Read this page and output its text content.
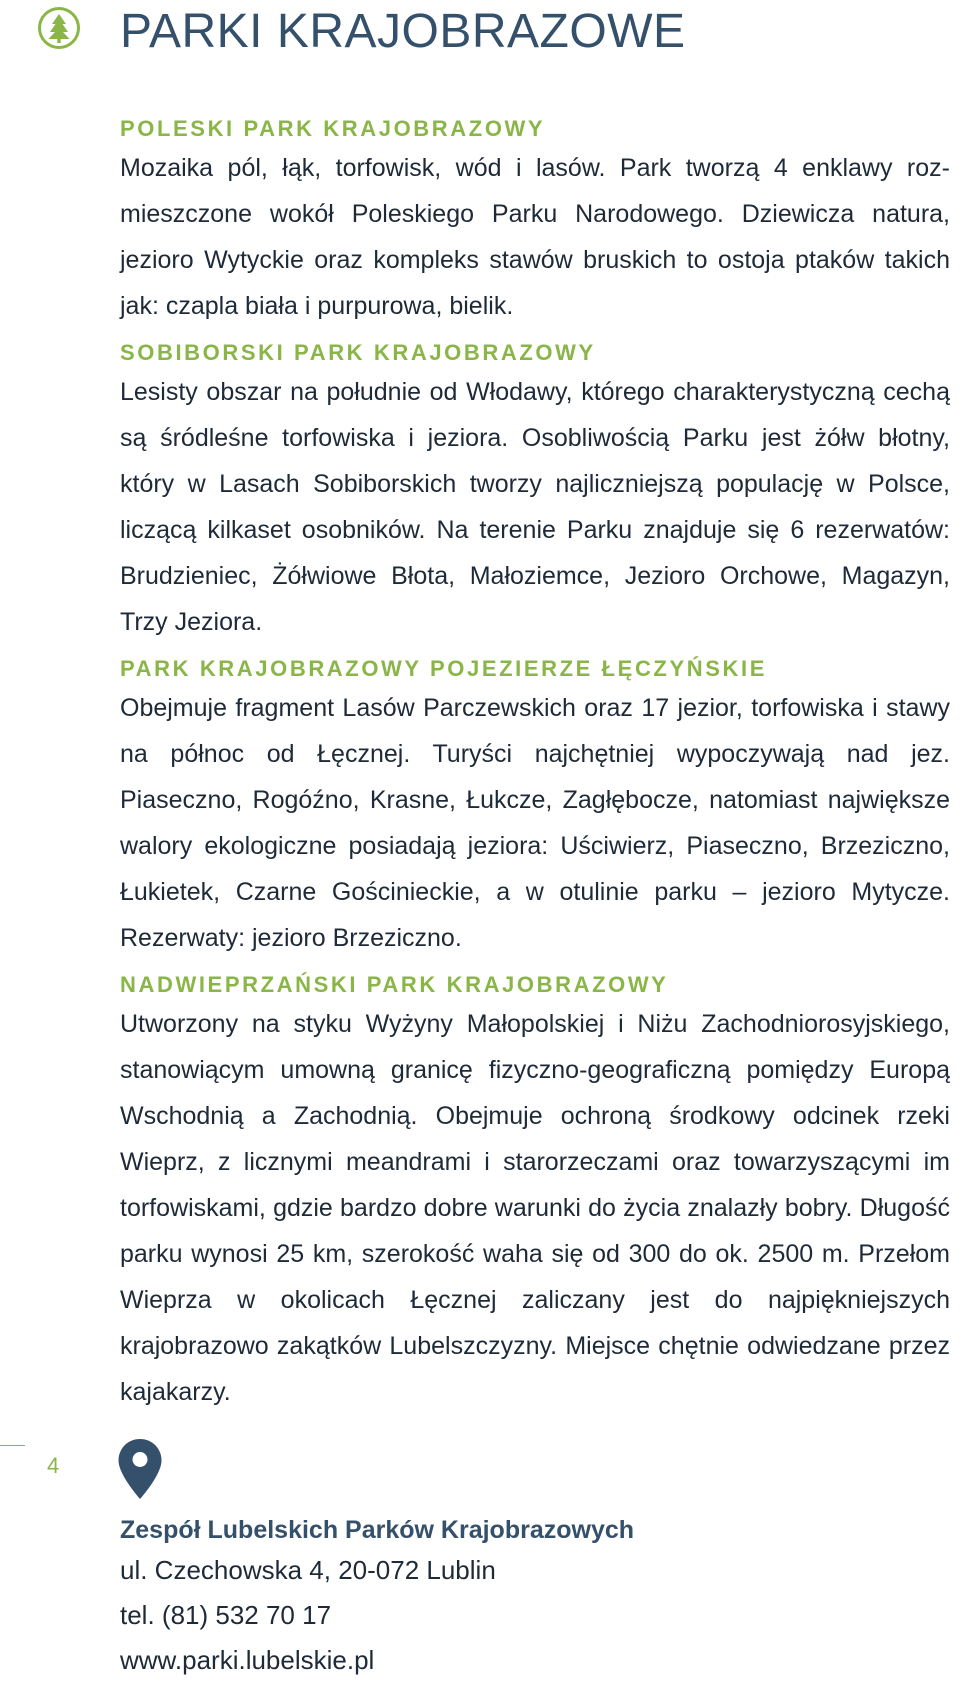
PARKI KRAJOBRAZOWE
POLESKI PARK KRAJOBRAZOWY

Mozaika pól, łąk, torfowisk, wód i lasów. Park tworzą 4 enklawy rozmieszczone wokół Poleskiego Parku Narodowego. Dziewicza natura, jezioro Wytyckie oraz kompleks stawów bruskich to ostoja ptaków takich jak: czapla biała i purpurowa, bielik.

SOBIBORSKI PARK KRAJOBRAZOWY

Lesisty obszar na południe od Włodawy, którego charakterystyczną cechą są śródleśne torfowiska i jeziora. Osobliwością Parku jest żółw błotny, który w Lasach Sobiborskich tworzy najliczniejszą populację w Polsce, liczącą kilkaset osobników. Na terenie Parku znajduje się 6 rezerwatów: Brudzieniec, Żółwiowe Błota, Małoziemce, Jezioro Orchowe, Magazyn, Trzy Jeziora.

PARK KRAJOBRAZOWY POJEZIERZE ŁĘCZYŃSKIE

Obejmuje fragment Lasów Parczewskich oraz 17 jezior, torfowiska i stawy na północ od Łęcznej. Turyści najchętniej wypoczywają nad jez. Piaseczno, Rogóźno, Krasne, Łukcze, Zagłębocze, natomiast największe walory ekologiczne posiadają jeziora: Uściwierz, Piaseczno, Brzeziczno, Łukietek, Czarne Gościnieckie, a w otulinie parku – jezioro Mytycze. Rezerwaty: jezioro Brzeziczno.

NADWIEPRZAŃSKI PARK KRAJOBRAZOWY

Utworzony na styku Wyżyny Małopolskiej i Niżu Zachodniorosyjskiego, stanowiącym umowną granicę fizyczno-geograficzną pomiędzy Europą Wschodnią a Zachodnią. Obejmuje ochroną środkowy odcinek rzeki Wieprz, z licznymi meandrami i starorzeczami oraz towarzyszącymi im torfowiskami, gdzie bardzo dobre warunki do życia znalazły bobry. Długość parku wynosi 25 km, szerokość waha się od 300 do ok. 2500 m. Przełom Wieprza w okolicach Łęcznej zaliczany jest do najpiękniejszych krajobrazowo zakątków Lubelszczyzny. Miejsce chętnie odwiedzane przez kajakarzy.

4
Zespół Lubelskich Parków Krajobrazowych
ul. Czechowska 4, 20-072 Lublin
tel. (81) 532 70 17
www.parki.lubelskie.pl
